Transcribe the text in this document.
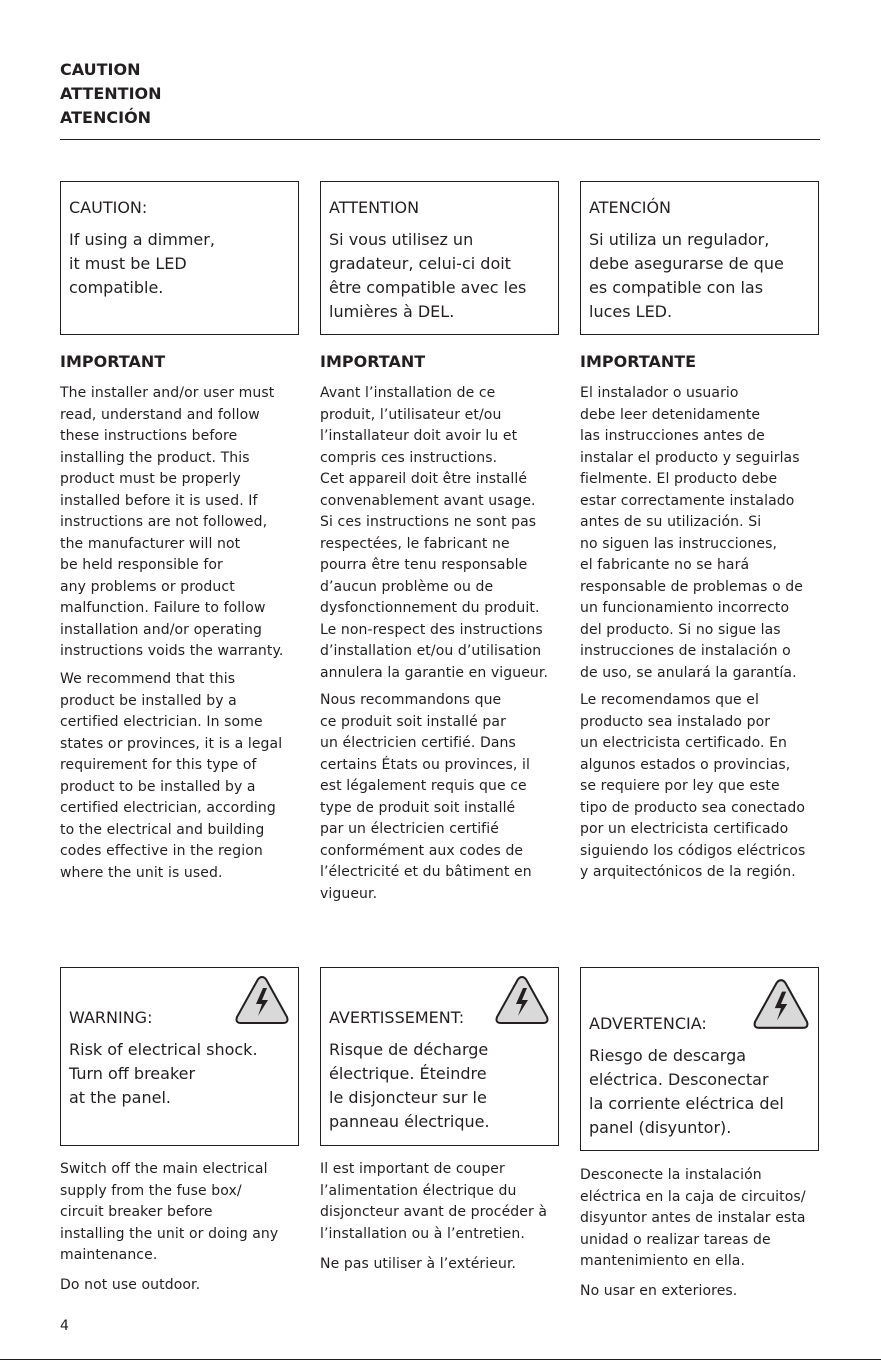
CAUTION
ATTENTION
ATENCIÓN
CAUTION:
If using a dimmer,
it must be LED
compatible.
ATTENTION
Si vous utilisez un
gradateur, celui-ci doit
être compatible avec les
lumières à DEL.
ATENCIÓN
Si utiliza un regulador,
debe asegurarse de que
es compatible con las
luces LED.
IMPORTANT
The installer and/or user must
read, understand and follow
these instructions before
installing the product. This
product must be properly
installed before it is used. If
instructions are not followed,
the manufacturer will not
be held responsible for
any problems or product
malfunction. Failure to follow
installation and/or operating
instructions voids the warranty.
We recommend that this
product be installed by a
certified electrician. In some
states or provinces, it is a legal
requirement for this type of
product to be installed by a
certified electrician, according
to the electrical and building
codes effective in the region
where the unit is used.
IMPORTANT
Avant l’installation de ce
produit, l’utilisateur et/ou
l’installateur doit avoir lu et
compris ces instructions.
Cet appareil doit être installé
convenablement avant usage.
Si ces instructions ne sont pas
respectées, le fabricant ne
pourra être tenu responsable
d’aucun problème ou de
dysfonctionnement du produit.
Le non-respect des instructions
d’installation et/ou d’utilisation
annulera la garantie en vigueur.
Nous recommandons que
ce produit soit installé par
un électricien certifié. Dans
certains États ou provinces, il
est légalement requis que ce
type de produit soit installé
par un électricien certifié
conformément aux codes de
l’électricité et du bâtiment en
vigueur.
IMPORTANTE
El instalador o usuario
debe leer detenidamente
las instrucciones antes de
instalar el producto y seguirlas
fielmente. El producto debe
estar correctamente instalado
antes de su utilización. Si
no siguen las instrucciones,
el fabricante no se hará
responsable de problemas o de
un funcionamiento incorrecto
del producto. Si no sigue las
instrucciones de instalación o
de uso, se anulará la garantía.
Le recomendamos que el
producto sea instalado por
un electricista certificado. En
algunos estados o provincias,
se requiere por ley que este
tipo de producto sea conectado
por un electricista certificado
siguiendo los códigos eléctricos
y arquitectónicos de la región.
WARNING:
Risk of electrical shock.
Turn off breaker
at the panel.
AVERTISSEMENT:
Risque de décharge
électrique. Éteindre
le disjoncteur sur le
panneau électrique.
ADVERTENCIA:
Riesgo de descarga
eléctrica. Desconectar
la corriente eléctrica del
panel (disyuntor).
Switch off the main electrical
supply from the fuse box/
circuit breaker before
installing the unit or doing any
maintenance.
Do not use outdoor.
Il est important de couper
l’alimentation électrique du
disjoncteur avant de procéder à
l’installation ou à l’entretien.
Ne pas utiliser à l’extérieur.
Desconecte la instalación
eléctrica en la caja de circuitos/
disyuntor antes de instalar esta
unidad o realizar tareas de
mantenimiento en ella.
No usar en exteriores.
4
